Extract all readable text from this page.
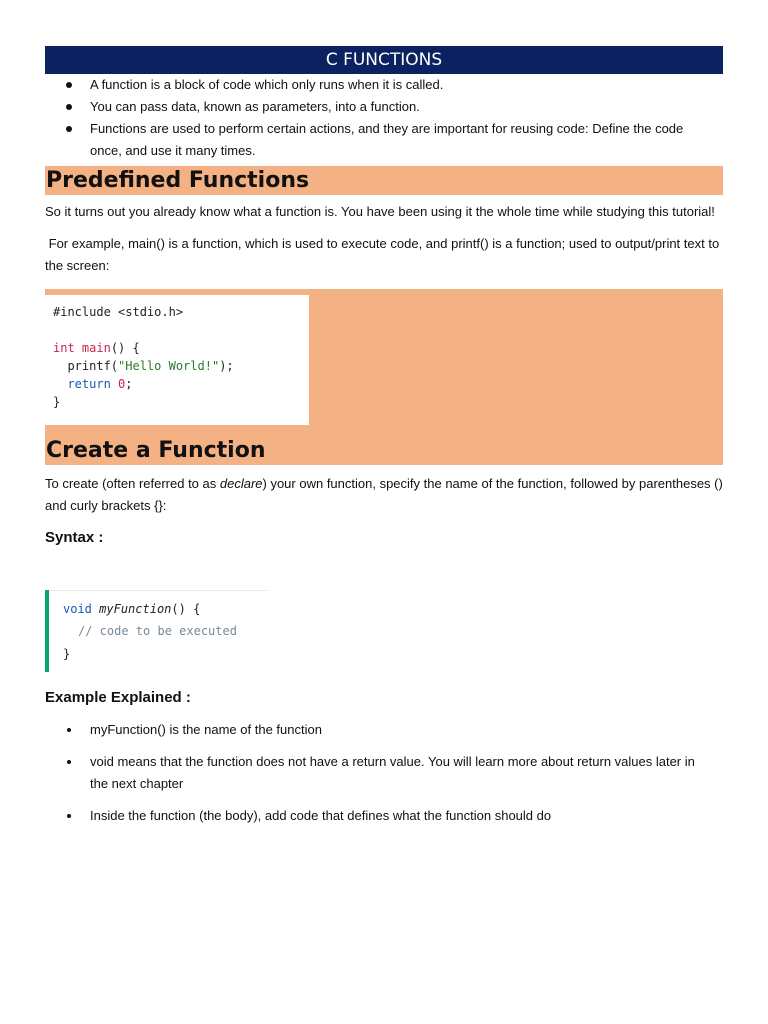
C FUNCTIONS
A function is a block of code which only runs when it is called.
You can pass data, known as parameters, into a function.
Functions are used to perform certain actions, and they are important for reusing code: Define the code once, and use it many times.
Predefined Functions

So it turns out you already know what a function is. You have been using it the whole time while studying this tutorial!

For example, main() is a function, which is used to execute code, and printf() is a function; used to output/print text to the screen:

#include <stdio.h>
int main() {
printf("Hello World!");
return 0;
}
Create a Function

To create (often referred to as declare) your own function, specify the name of the function, followed by parentheses () and curly brackets {}:

Syntax :
void myFunction() {
// code to be executed
}
Example Explained :
myFunction() is the name of the function
void means that the function does not have a return value. You will learn more about return values later in the next chapter
Inside the function (the body), add code that defines what the function should do
